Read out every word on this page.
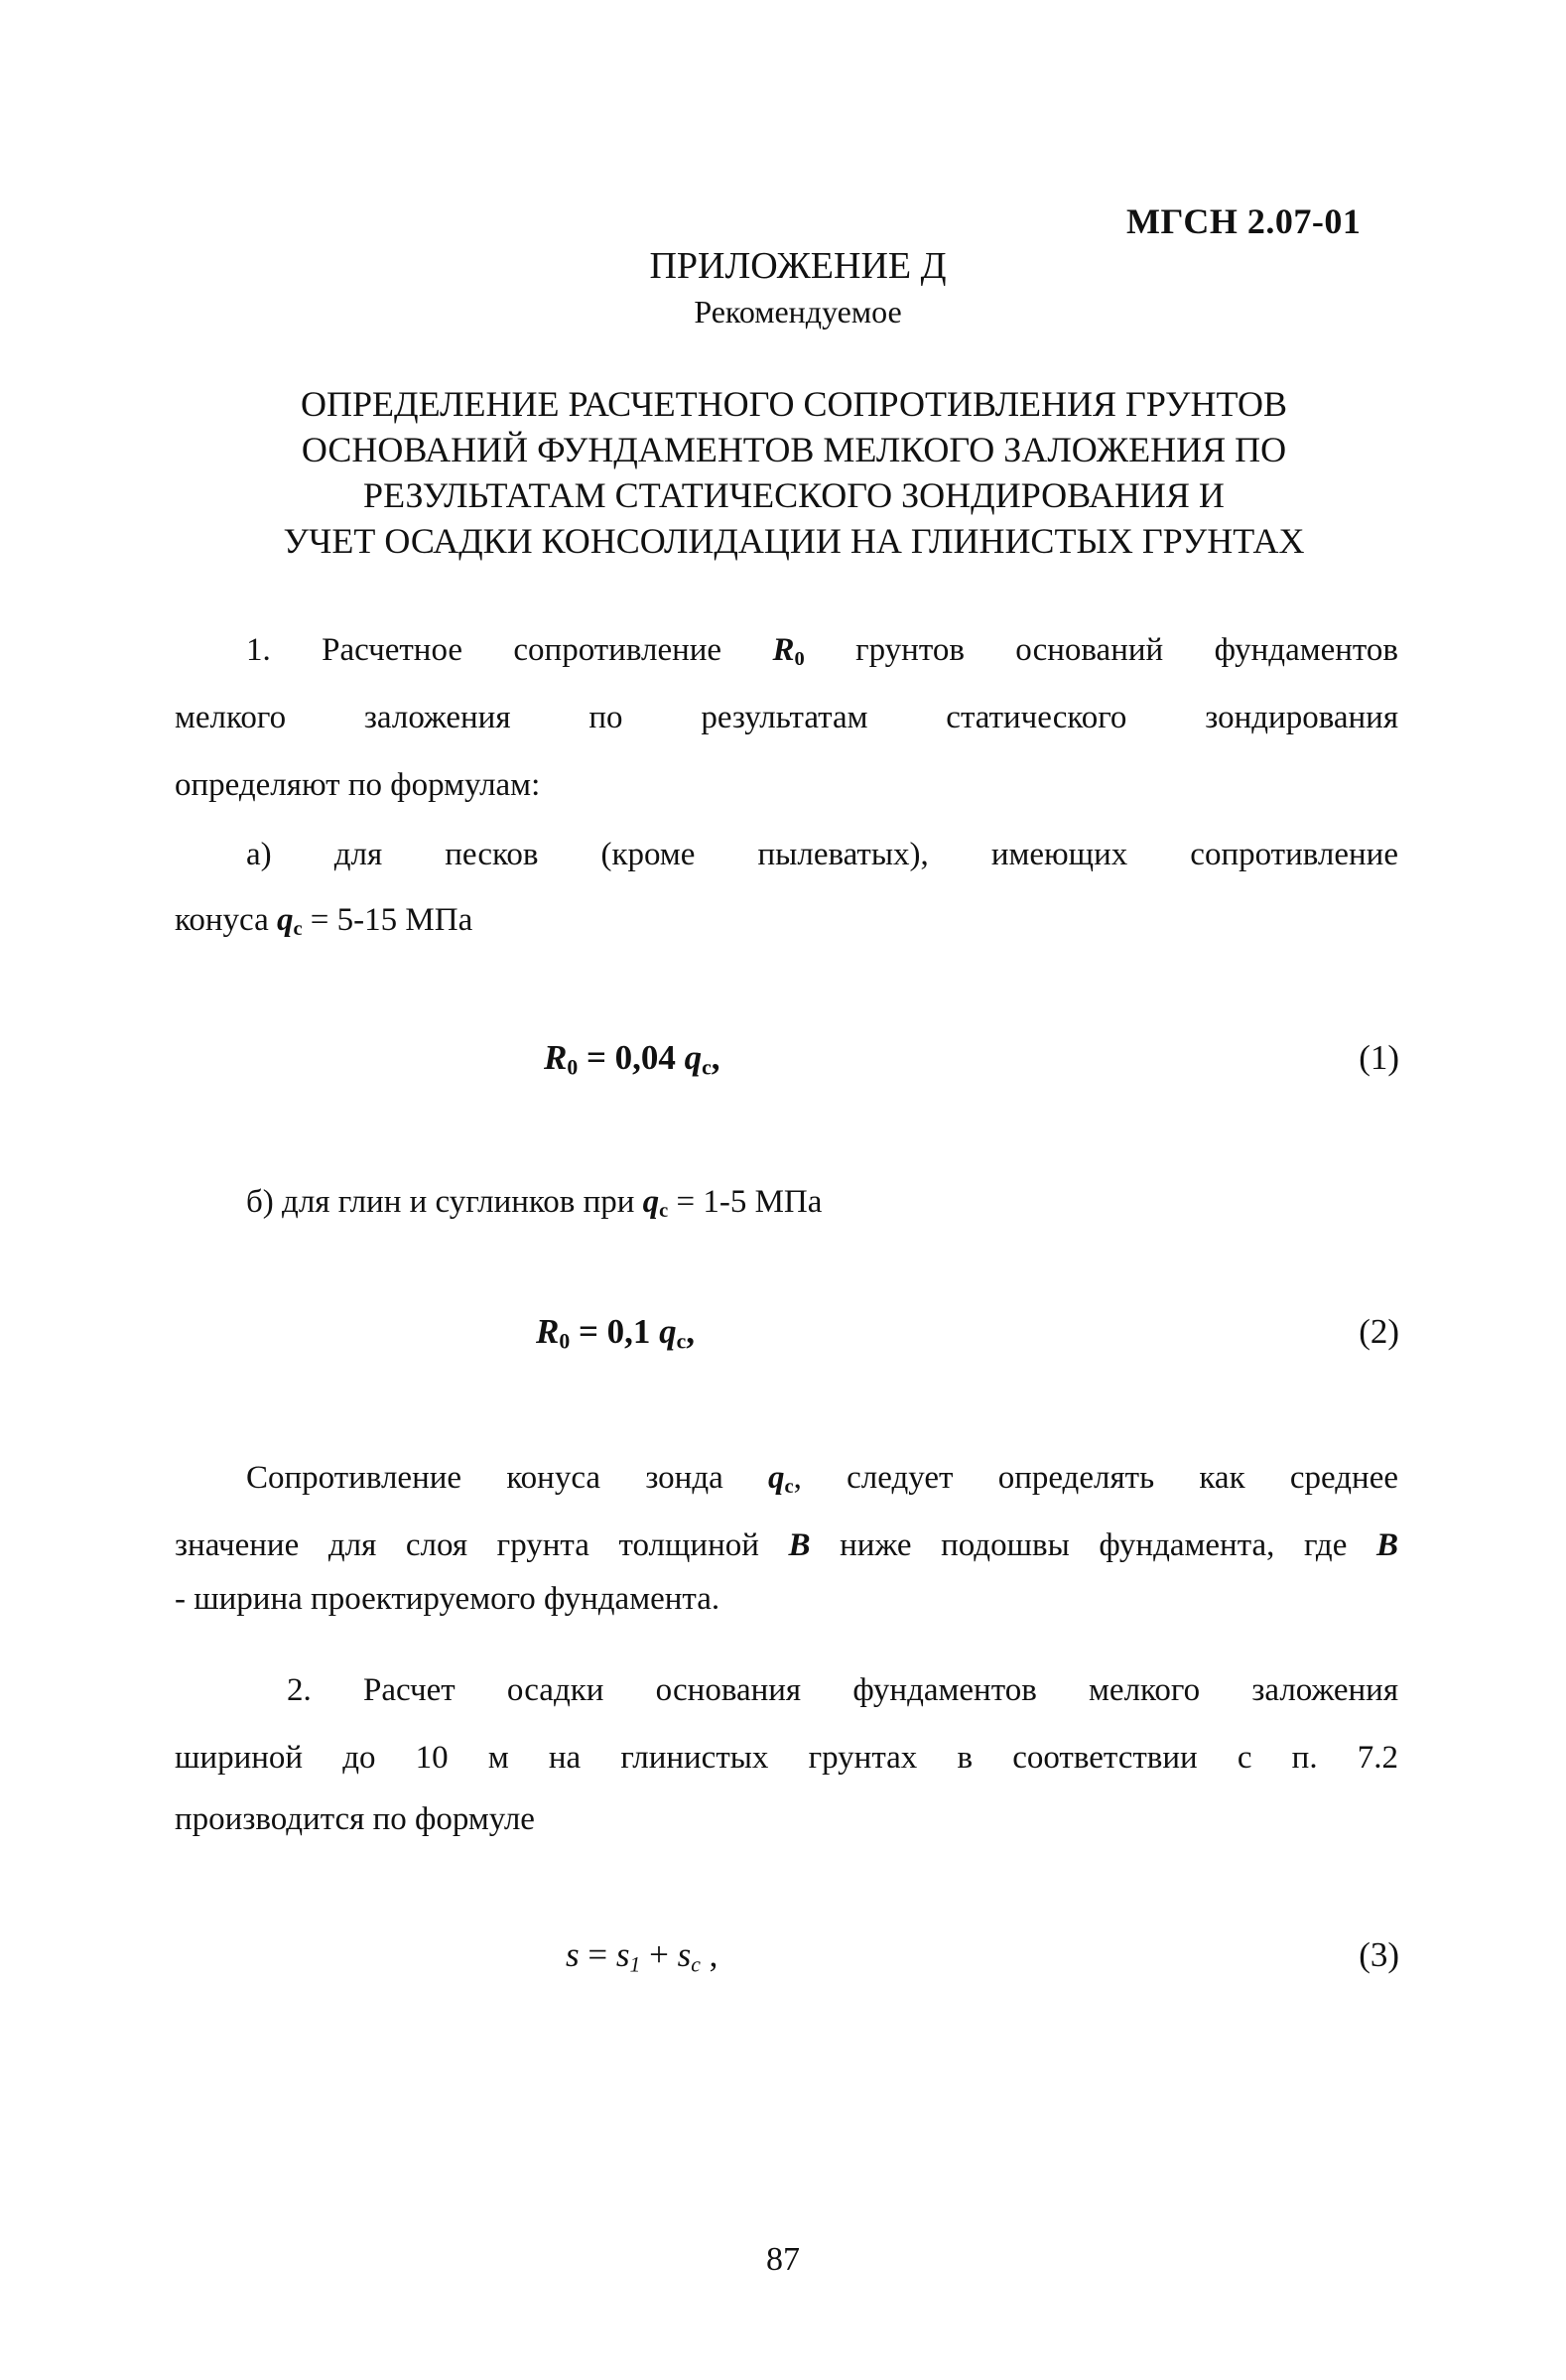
МГСН 2.07-01
ПРИЛОЖЕНИЕ Д
Рекомендуемое
ОПРЕДЕЛЕНИЕ РАСЧЕТНОГО СОПРОТИВЛЕНИЯ ГРУНТОВ
ОСНОВАНИЙ ФУНДАМЕНТОВ МЕЛКОГО ЗАЛОЖЕНИЯ ПО
РЕЗУЛЬТАТАМ СТАТИЧЕСКОГО ЗОНДИРОВАНИЯ И
УЧЕТ ОСАДКИ КОНСОЛИДАЦИИ НА ГЛИНИСТЫХ ГРУНТАХ
1. Расчетное сопротивление $R_0$ грунтов оснований фундаментов
мелкого заложения по результатам статического зондирования
определяют по формулам:
а) для песков (кроме пылеватых), имеющих сопротивление
конуса $q_c = 5-15$ МПа
$R_0 = 0,04$ $q_c$,	(1)
б) для глин и суглинков при $q_c = 1-5$ МПа
$R_0 = 0,1$ $q_c$,	(2)
Сопротивление конуса зонда $q_c$, следует определять как среднее
значение для слоя грунта толщиной B ниже подошвы фундамента, где B
- ширина проектируемого фундамента.
2. Расчет осадки основания фундаментов мелкого заложения
шириной до 10 м на глинистых грунтах в соответствии с п. 7.2
производится по формуле
$s = s_1 + s_c$ ,	(3)
87
